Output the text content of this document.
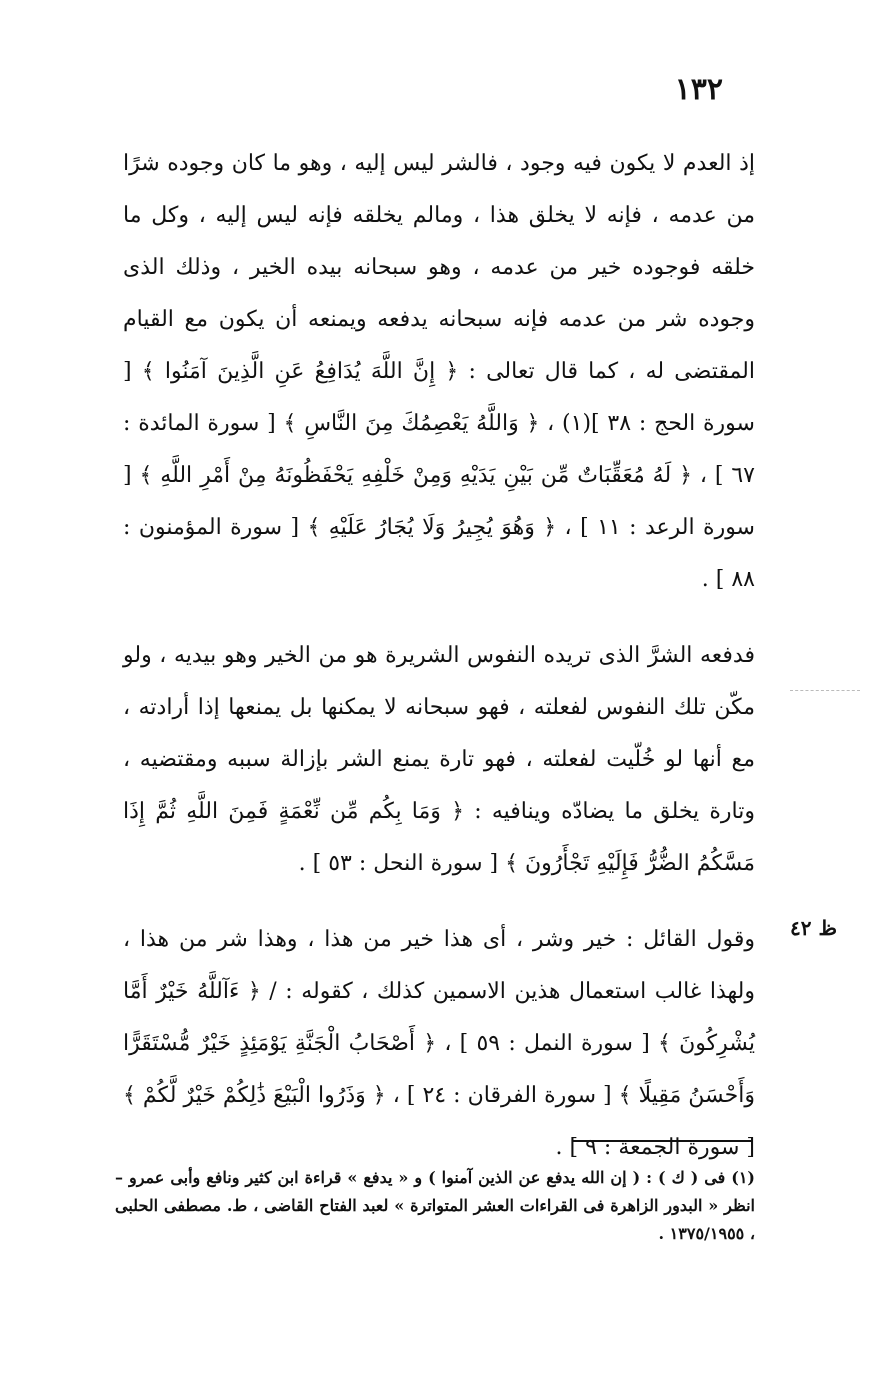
١٣٢
ظ ٤٢

إذ العدم لا يكون فيه وجود ، فالشر ليس إليه ، وهو ما كان وجوده شرًا من عدمه ، فإنه لا يخلق هذا ، ومالم يخلقه فإنه ليس إليه ، وكل ما خلقه فوجوده خير من عدمه ، وهو سبحانه بيده الخير ، وذلك الذى وجوده شر من عدمه فإنه سبحانه يدفعه ويمنعه أن يكون مع القيام المقتضى له ، كما قال تعالى : ﴿ إِنَّ اللَّهَ يُدَافِعُ عَنِ الَّذِينَ آمَنُوا ﴾ [ سورة الحج : ٣٨ ](١) ، ﴿ وَاللَّهُ يَعْصِمُكَ مِنَ النَّاسِ ﴾ [ سورة المائدة : ٦٧ ] ، ﴿ لَهُ مُعَقِّبَاتٌ مِّن بَيْنِ يَدَيْهِ وَمِنْ خَلْفِهِ يَحْفَظُونَهُ مِنْ أَمْرِ اللَّهِ ﴾ [ سورة الرعد : ١١ ] ، ﴿ وَهُوَ يُجِيرُ وَلَا يُجَارُ عَلَيْهِ ﴾ [ سورة المؤمنون : ٨٨ ] .

فدفعه الشرَّ الذى تريده النفوس الشريرة هو من الخير وهو بيديه ، ولو مكّن تلك النفوس لفعلته ، فهو سبحانه لا يمكنها بل يمنعها إذا أرادته ، مع أنها لو خُلّيت لفعلته ، فهو تارة يمنع الشر بإزالة سببه ومقتضيه ، وتارة يخلق ما يضادّه وينافيه : ﴿ وَمَا بِكُم مِّن نِّعْمَةٍ فَمِنَ اللَّهِ ثُمَّ إِذَا مَسَّكُمُ الضُّرُّ فَإِلَيْهِ تَجْأَرُونَ ﴾ [ سورة النحل : ٥٣ ] .

وقول القائل : خير وشر ، أى هذا خير من هذا ، وهذا شر من هذا ، ولهذا غالب استعمال هذين الاسمين كذلك ، كقوله : / ﴿ ءَآللَّهُ خَيْرٌ أَمَّا يُشْرِكُونَ ﴾ [ سورة النمل : ٥٩ ] ، ﴿ أَصْحَابُ الْجَنَّةِ يَوْمَئِذٍ خَيْرٌ مُّسْتَقَرًّا وَأَحْسَنُ مَقِيلًا ﴾ [ سورة الفرقان : ٢٤ ] ، ﴿ وَذَرُوا الْبَيْعَ ذَٰلِكُمْ خَيْرٌ لَّكُمْ ﴾ [ سورة الجمعة : ٩ ] .

(١) فى ( ك ) : ( إن الله يدفع عن الذين آمنوا ) و « يدفع » قراءة ابن كثير ونافع وأبى عمرو – انظر « البدور الزاهرة فى القراءات العشر المتواترة » لعبد الفتاح القاضى ، ط. مصطفى الحلبى ، ١٣٧٥/١٩٥٥ .
